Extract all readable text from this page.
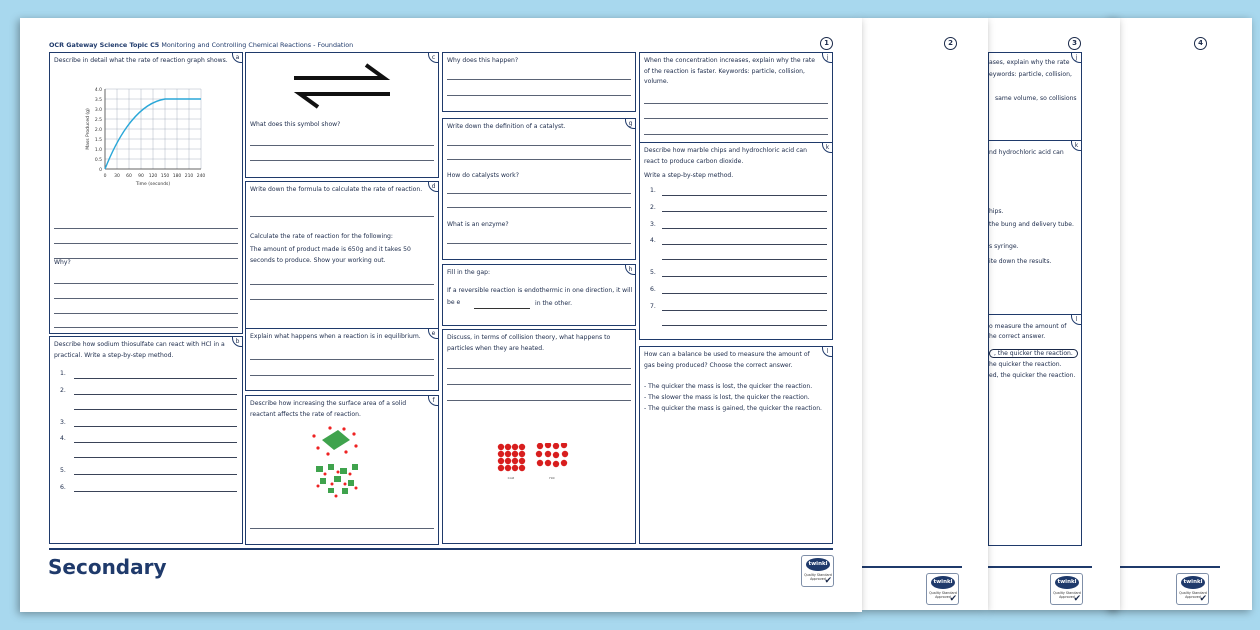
4
twinkl
Quality Standard
Approved
✔
3
j
ases, explain why the rate
eywords: particle, collision,
same volume, so collisions
k
nd hydrochloric acid can
hips.
the bung and delivery tube.
s syringe.
ite down the results.
l
o measure the amount of
he correct answer.
, the quicker the reaction.
he quicker the reaction.
ed, the quicker the reaction.
twinkl
Quality Standard
Approved
✔
2
twinkl
Quality Standard
Approved
✔
OCR Gateway Science Topic C5 Monitoring and Controlling Chemical Reactions - Foundation	1
a
Describe in detail what the rate of reaction graph shows.
4.0
3.5
3.0
2.5
2.0
1.5
1.0
0.5
0
0 30 60 90 120 150 180 210 240
Time (seconds)
Mass Produced (g)
Why?
b
Describe how sodium thiosulfate can react with HCl in a practical. Write a step-by-step method.
1.
2.
3.
4.
5.
6.
c
What does this symbol show?
d
Write down the formula to calculate the rate of reaction.
Calculate the rate of reaction for the following:
The amount of product made is 650g and it takes 50 seconds to produce. Show your working out.
e
Explain what happens when a reaction is in equilibrium.
f
Describe how increasing the surface area of a solid reactant affects the rate of reaction.
Why does this happen?
g
Write down the definition of a catalyst.
How do catalysts work?
What is an enzyme?
h
Fill in the gap:
If a reversible reaction is endothermic in one direction, it will be e	in the other.
Discuss, in terms of collision theory, what happens to particles when they are heated.
Cold	Hot
j
When the concentration increases, explain why the rate of the reaction is faster. Keywords: particle, collision, volume.
k
Describe how marble chips and hydrochloric acid can react to produce carbon dioxide.
Write a step-by-step method.
1.
2.
3.
4.
5.
6.
7.
l
How can a balance be used to measure the amount of gas being produced? Choose the correct answer.
- The quicker the mass is lost, the quicker the reaction.
- The slower the mass is lost, the quicker the reaction.
- The quicker the mass is gained, the quicker the reaction.
Secondary	twinkl
Quality Standard
Approved
✔
